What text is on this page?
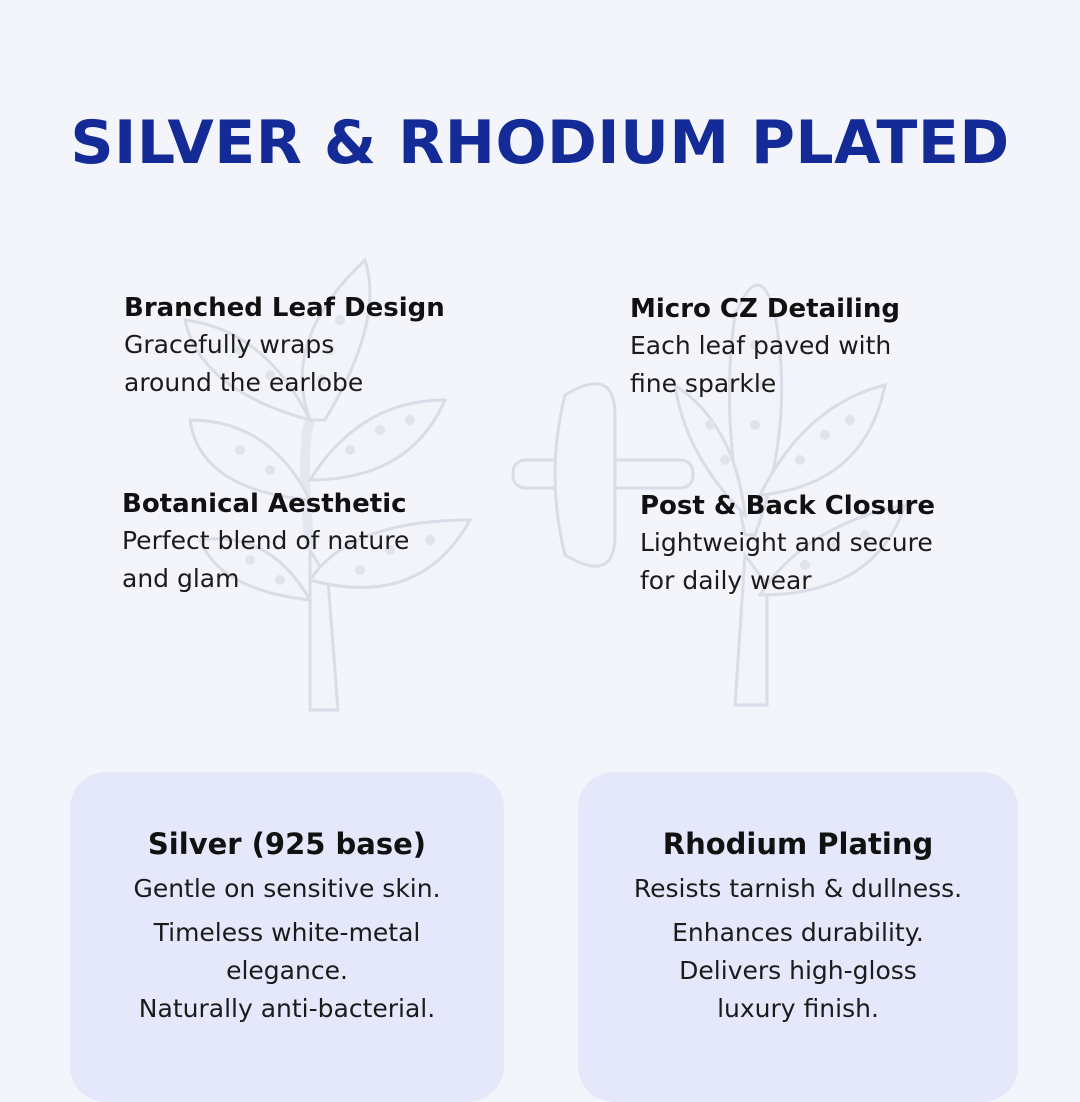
SILVER & RHODIUM PLATED
Branched Leaf Design
Gracefully wraps
around the earlobe
Micro CZ Detailing
Each leaf paved with
fine sparkle
Botanical Aesthetic
Perfect blend of nature
and glam
Post & Back Closure
Lightweight and secure
for daily wear
Silver (925 base)
Gentle on sensitive skin.
Timeless white-metal
elegance.
Naturally anti-bacterial.
Rhodium Plating
Resists tarnish & dullness.
Enhances durability.
Delivers high-gloss
luxury finish.
